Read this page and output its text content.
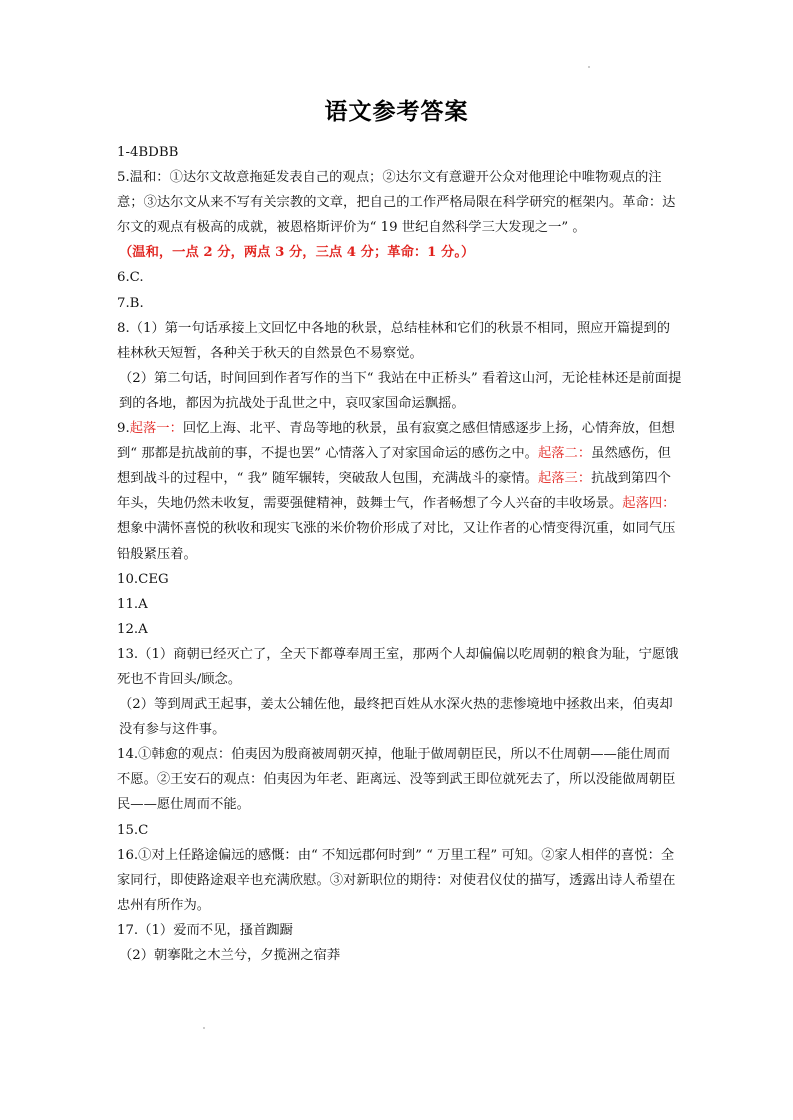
语文参考答案

1-4BDBB

5.温和：①达尔文故意拖延发表自己的观点；②达尔文有意避开公众对他理论中唯物观点的注意；③达尔文从来不写有关宗教的文章，把自己的工作严格局限在科学研究的框架内。革命：达尔文的观点有极高的成就，被恩格斯评价为“ 19 世纪自然科学三大发现之一” 。

（温和，一点 2 分，两点 3 分，三点 4 分；革命：1 分。）

6.C.

7.B.

8.（1）第一句话承接上文回忆中各地的秋景，总结桂林和它们的秋景不相同，照应开篇提到的桂林秋天短暂，各种关于秋天的自然景色不易察觉。

（2）第二句话，时间回到作者写作的当下“ 我站在中正桥头” 看着这山河，无论桂林还是前面提到的各地，都因为抗战处于乱世之中，哀叹家国命运飘摇。

9.起落一：回忆上海、北平、青岛等地的秋景，虽有寂寞之感但情感逐步上扬，心情奔放，但想到“ 那都是抗战前的事，不提也罢” 心情落入了对家国命运的感伤之中。起落二：虽然感伤，但想到战斗的过程中，“ 我” 随军辗转，突破敌人包围，充满战斗的豪情。起落三：抗战到第四个年头，失地仍然未收复，需要强健精神，鼓舞士气，作者畅想了今人兴奋的丰收场景。起落四：想象中满怀喜悦的秋收和现实飞涨的米价物价形成了对比，又让作者的心情变得沉重，如同气压铅般紧压着。

10.CEG

11.A

12.A

13.（1）商朝已经灭亡了，全天下都尊奉周王室，那两个人却偏偏以吃周朝的粮食为耻，宁愿饿死也不肯回头/顾念。

（2）等到周武王起事，姜太公辅佐他，最终把百姓从水深火热的悲惨境地中拯救出来，伯夷却没有参与这件事。

14.①韩愈的观点：伯夷因为殷商被周朝灭掉，他耻于做周朝臣民，所以不仕周朝——能仕周而不愿。②王安石的观点：伯夷因为年老、距离远、没等到武王即位就死去了，所以没能做周朝臣民——愿仕周而不能。

15.C

16.①对上任路途偏远的感慨：由“ 不知远郡何时到” “ 万里工程” 可知。②家人相伴的喜悦：全家同行，即使路途艰辛也充满欣慰。③对新职位的期待：对使君仪仗的描写，透露出诗人希望在忠州有所作为。

17.（1）爱而不见，搔首踟蹰

（2）朝搴阰之木兰兮，夕揽洲之宿莽
